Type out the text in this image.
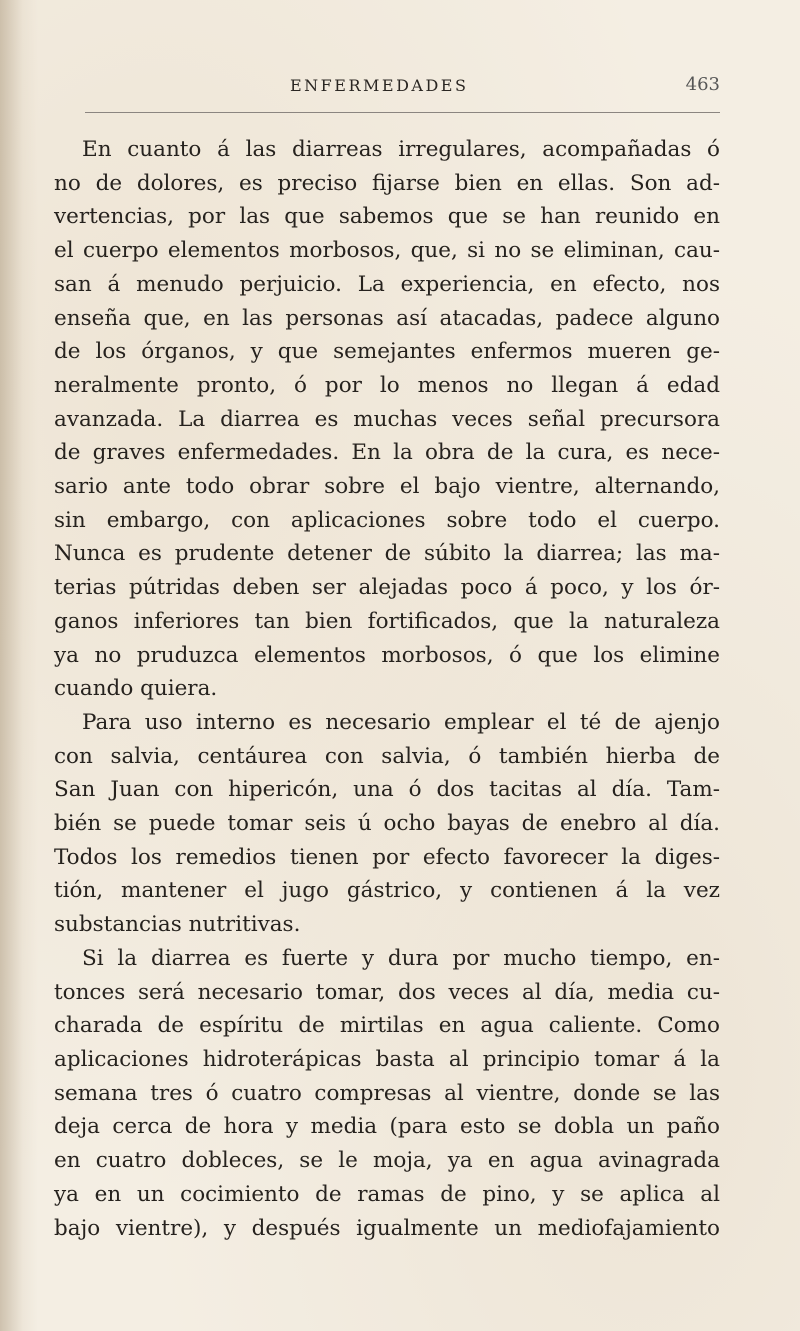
ENFERMEDADES	463
En cuanto á las diarreas irregulares, acompañadas ó
no de dolores, es preciso fijarse bien en ellas. Son ad-
vertencias, por las que sabemos que se han reunido en
el cuerpo elementos morbosos, que, si no se eliminan, cau-
san á menudo perjuicio. La experiencia, en efecto, nos
enseña que, en las personas así atacadas, padece alguno
de los órganos, y que semejantes enfermos mueren ge-
neralmente pronto, ó por lo menos no llegan á edad
avanzada. La diarrea es muchas veces señal precursora
de graves enfermedades. En la obra de la cura, es nece-
sario ante todo obrar sobre el bajo vientre, alternando,
sin embargo, con aplicaciones sobre todo el cuerpo.
Nunca es prudente detener de súbito la diarrea; las ma-
terias pútridas deben ser alejadas poco á poco, y los ór-
ganos inferiores tan bien fortificados, que la naturaleza
ya no pruduzca elementos morbosos, ó que los elimine
cuando quiera.
Para uso interno es necesario emplear el té de ajenjo
con salvia, centáurea con salvia, ó también hierba de
San Juan con hipericón, una ó dos tacitas al día. Tam-
bién se puede tomar seis ú ocho bayas de enebro al día.
Todos los remedios tienen por efecto favorecer la diges-
tión, mantener el jugo gástrico, y contienen á la vez
substancias nutritivas.
Si la diarrea es fuerte y dura por mucho tiempo, en-
tonces será necesario tomar, dos veces al día, media cu-
charada de espíritu de mirtilas en agua caliente. Como
aplicaciones hidroterápicas basta al principio tomar á la
semana tres ó cuatro compresas al vientre, donde se las
deja cerca de hora y media (para esto se dobla un paño
en cuatro dobleces, se le moja, ya en agua avinagrada
ya en un cocimiento de ramas de pino, y se aplica al
bajo vientre), y después igualmente un mediofajamiento
